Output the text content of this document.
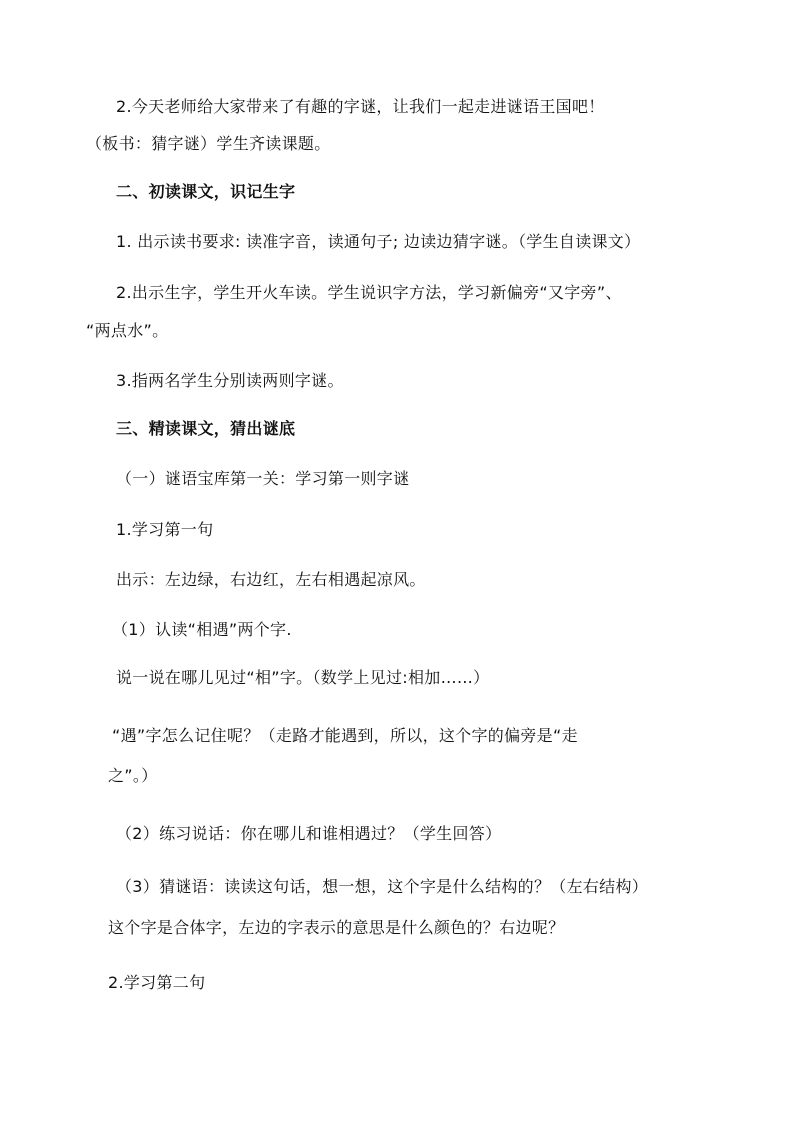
2.今天老师给大家带来了有趣的字谜，让我们一起走进谜语王国吧！
（板书：猜字谜）学生齐读课题。
二、初读课文，识记生字
1. 出示读书要求: 读准字音，读通句子; 边读边猜字谜。（学生自读课文）
2.出示生字，学生开火车读。学生说识字方法，学习新偏旁“又字旁”、
“两点水”。
3.指两名学生分别读两则字谜。
三、精读课文，猜出谜底
（一）谜语宝库第一关：学习第一则字谜
1.学习第一句
出示：左边绿，右边红，左右相遇起凉风。
（1）认读“相遇”两个字.
说一说在哪儿见过“相”字。（数学上见过:相加……）
“遇”字怎么记住呢？（走路才能遇到，所以，这个字的偏旁是“走
之”。）
（2）练习说话：你在哪儿和谁相遇过？（学生回答）
（3）猜谜语：读读这句话，想一想，这个字是什么结构的？（左右结构）
这个字是合体字，左边的字表示的意思是什么颜色的？右边呢？
2.学习第二句
